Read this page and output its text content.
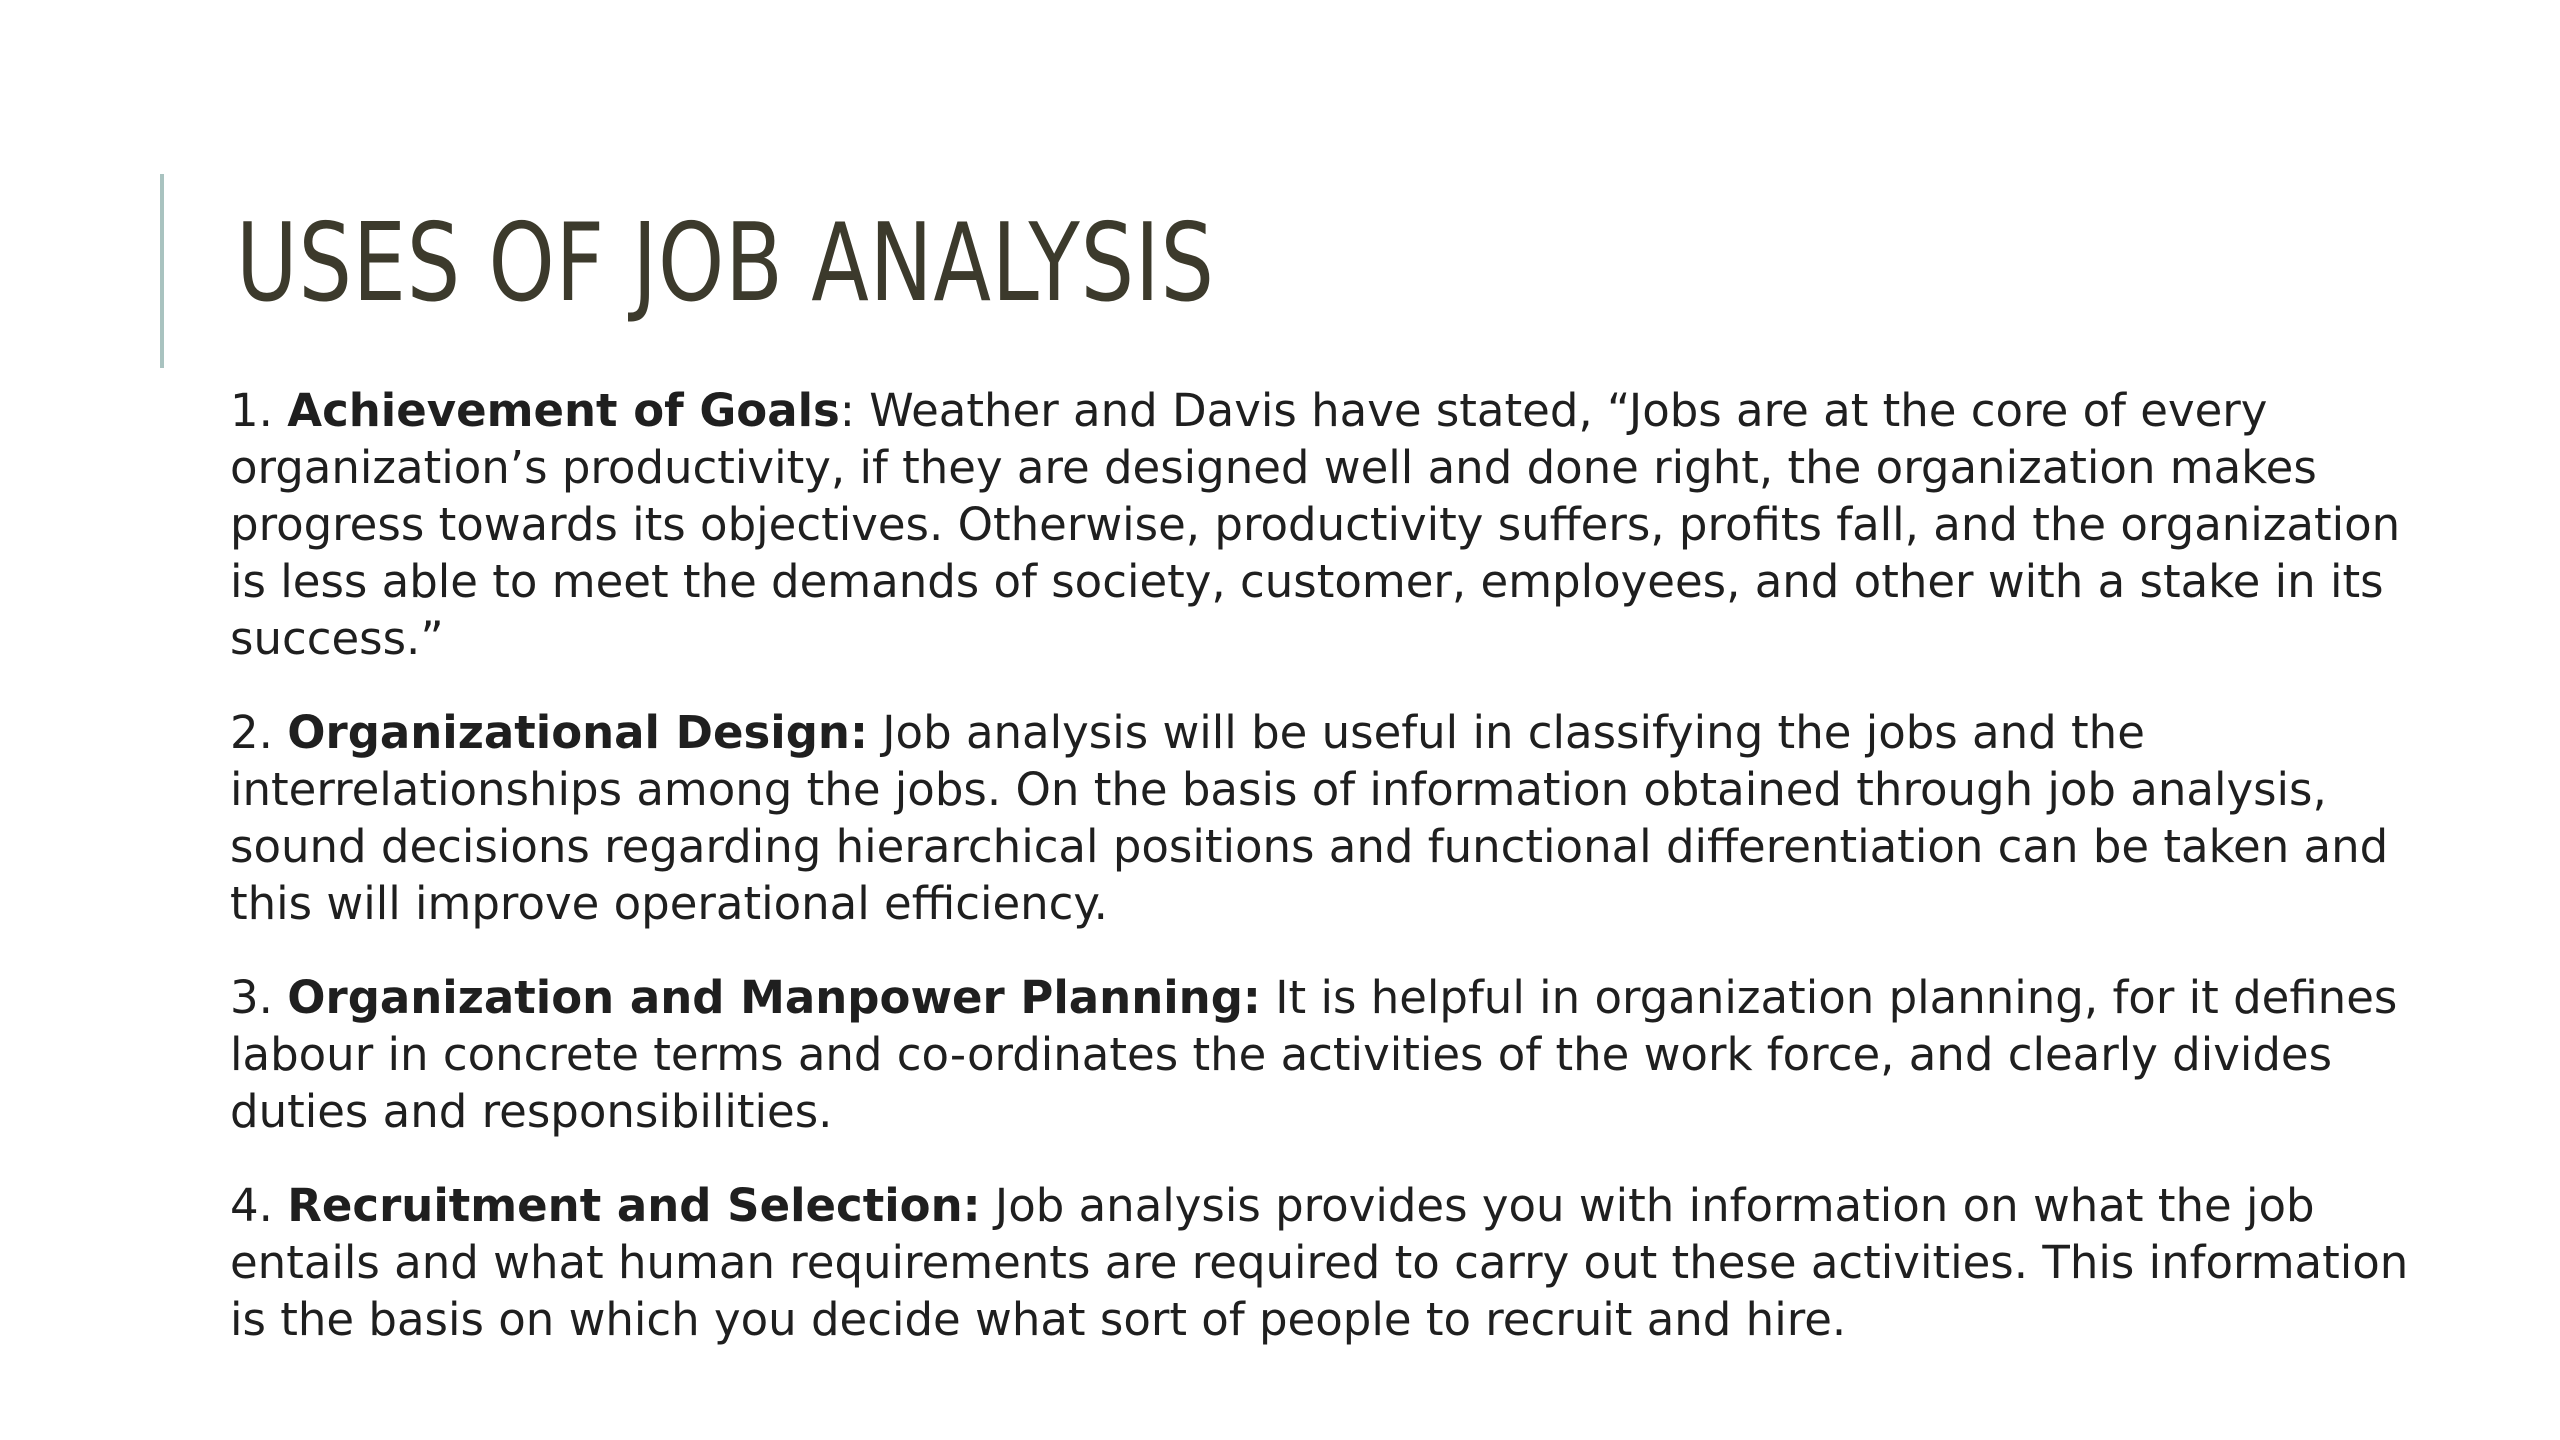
USES OF JOB ANALYSIS

1. Achievement of Goals: Weather and Davis have stated, “Jobs are at the core of every organization’s productivity, if they are designed well and done right, the organization makes progress towards its objectives. Otherwise, productivity suffers, profits fall, and the organization is less able to meet the demands of society, customer, employees, and other with a stake in its success.”

2. Organizational Design: Job analysis will be useful in classifying the jobs and the interrelationships among the jobs. On the basis of information obtained through job analysis, sound decisions regarding hierarchical positions and functional differentiation can be taken and this will improve operational efficiency.

3. Organization and Manpower Planning: It is helpful in organization planning, for it defines labour in concrete terms and co-ordinates the activities of the work force, and clearly divides duties and responsibilities.

4. Recruitment and Selection: Job analysis provides you with information on what the job entails and what human requirements are required to carry out these activities. This information is the basis on which you decide what sort of people to recruit and hire.
